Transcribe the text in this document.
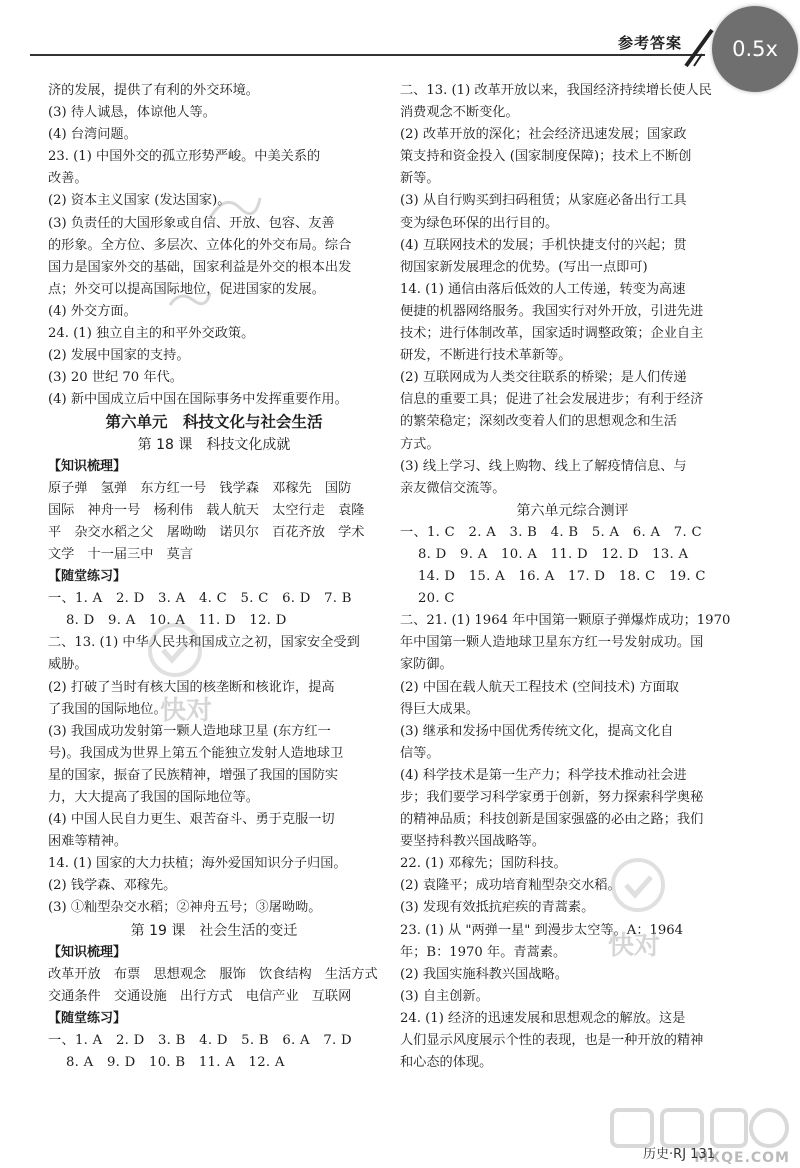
参考答案	0.5x
济的发展，提供了有利的外交环境。
(3) 待人诚恳，体谅他人等。
(4) 台湾问题。
23. (1) 中国外交的孤立形势严峻。中美关系的
改善。
(2) 资本主义国家 (发达国家)。
(3) 负责任的大国形象或自信、开放、包容、友善
的形象。全方位、多层次、立体化的外交布局。综合
国力是国家外交的基础，国家利益是外交的根本出发
点；外交可以提高国际地位，促进国家的发展。
(4) 外交方面。
24. (1) 独立自主的和平外交政策。
(2) 发展中国家的支持。
(3) 20 世纪 70 年代。
(4) 新中国成立后中国在国际事务中发挥重要作用。
第六单元　科技文化与社会生活
第 18 课　科技文化成就
【知识梳理】
原子弹　氢弹　东方红一号　钱学森　邓稼先　国防
国际　神舟一号　杨利伟　载人航天　太空行走　袁隆
平　杂交水稻之父　屠呦呦　诺贝尔　百花齐放　学术
文学　十一届三中　莫言
【随堂练习】
一、1. A　2. D　3. A　4. C　5. C　6. D　7. B
　 8. D　9. A　10. A　11. D　12. D
二、13. (1) 中华人民共和国成立之初，国家安全受到
威胁。
(2) 打破了当时有核大国的核垄断和核讹诈，提高
了我国的国际地位。
(3) 我国成功发射第一颗人造地球卫星 (东方红一
号)。我国成为世界上第五个能独立发射人造地球卫
星的国家，振奋了民族精神，增强了我国的国防实
力，大大提高了我国的国际地位等。
(4) 中国人民自力更生、艰苦奋斗、勇于克服一切
困难等精神。
14. (1) 国家的大力扶植；海外爱国知识分子归国。
(2) 钱学森、邓稼先。
(3) ①籼型杂交水稻；②神舟五号；③屠呦呦。
第 19 课　社会生活的变迁
【知识梳理】
改革开放　布票　思想观念　服饰　饮食结构　生活方式
交通条件　交通设施　出行方式　电信产业　互联网
【随堂练习】
一、1. A　2. D　3. B　4. D　5. B　6. A　7. D
　 8. A　9. D　10. B　11. A　12. A
二、13. (1) 改革开放以来，我国经济持续增长使人民
消费观念不断变化。
(2) 改革开放的深化；社会经济迅速发展；国家政
策支持和资金投入 (国家制度保障)；技术上不断创
新等。
(3) 从自行购买到扫码租赁；从家庭必备出行工具
变为绿色环保的出行目的。
(4) 互联网技术的发展；手机快捷支付的兴起；贯
彻国家新发展理念的优势。(写出一点即可)
14. (1) 通信由落后低效的人工传递，转变为高速
便捷的机器网络服务。我国实行对外开放，引进先进
技术；进行体制改革，国家适时调整政策；企业自主
研发，不断进行技术革新等。
(2) 互联网成为人类交往联系的桥梁；是人们传递
信息的重要工具；促进了社会发展进步；有利于经济
的繁荣稳定；深刻改变着人们的思想观念和生活
方式。
(3) 线上学习、线上购物、线上了解疫情信息、与
亲友微信交流等。
第六单元综合测评
一、1. C　2. A　3. B　4. B　5. A　6. A　7. C
　 8. D　9. A　10. A　11. D　12. D　13. A
　 14. D　15. A　16. A　17. D　18. C　19. C
　 20. C
二、21. (1) 1964 年中国第一颗原子弹爆炸成功；1970
年中国第一颗人造地球卫星东方红一号发射成功。国
家防御。
(2) 中国在载人航天工程技术 (空间技术) 方面取
得巨大成果。
(3) 继承和发扬中国优秀传统文化，提高文化自
信等。
(4) 科学技术是第一生产力；科学技术推动社会进
步；我们要学习科学家勇于创新，努力探索科学奥秘
的精神品质；科技创新是国家强盛的必由之路；我们
要坚持科教兴国战略等。
22. (1) 邓稼先；国防科技。
(2) 袁隆平；成功培育籼型杂交水稻。
(3) 发现有效抵抗疟疾的青蒿素。
23. (1) 从 "两弹一星" 到漫步太空等。A：1964
年；B：1970 年。青蒿素。
(2) 我国实施科教兴国战略。
(3) 自主创新。
24. (1) 经济的迅速发展和思想观念的解放。这是
人们显示风度展示个性的表现，也是一种开放的精神
和心态的体现。
快对
快对
MXQE.COM
历史·RJ 131
